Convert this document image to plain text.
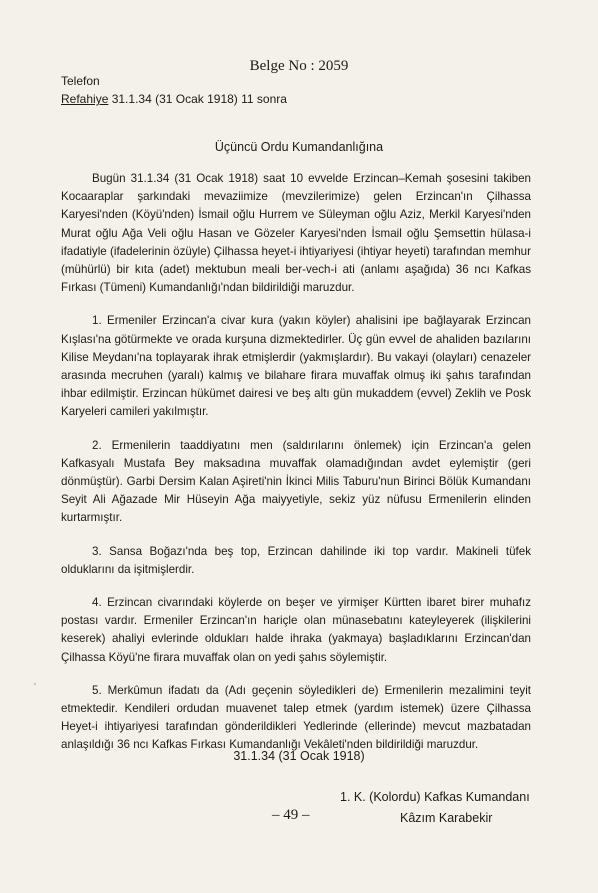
Belge No : 2059
Telefon
Refahiye 31.1.34 (31 Ocak 1918) 11 sonra
Üçüncü Ordu Kumandanlığına

Bugün 31.1.34 (31 Ocak 1918) saat 10 evvelde Erzincan–Kemah şosesini takiben Kocaaraplar şarkındaki mevaziimize (mevzilerimize) gelen Erzincan'ın Çilhassa Karyesi'nden (Köyü'nden) İsmail oğlu Hurrem ve Süleyman oğlu Aziz, Merkil Karyesi'nden Murat oğlu Ağa Veli oğlu Hasan ve Gözeler Karyesi'nden İsmail oğlu Şemsettin hülasa-i ifadatiyle (ifadelerinin özüyle) Çilhassa heyet-i ihtiyariyesi (ihtiyar heyeti) tarafından memhur (mühürlü) bir kıta (adet) mektubun meali ber-vech-i ati (anlamı aşağıda) 36 ncı Kafkas Fırkası (Tümeni) Kumandanlığı'ndan bildirildiği maruzdur.

1. Ermeniler Erzincan'a civar kura (yakın köyler) ahalisini ipe bağlayarak Erzincan Kışlası'na götürmekte ve orada kurşuna dizmektedirler. Üç gün evvel de ahaliden bazılarını Kilise Meydanı'na toplayarak ihrak etmişlerdir (yakmışlardır). Bu vakayi (olayları) cenazeler arasında mecruhen (yaralı) kalmış ve bilahare firara muvaffak olmuş iki şahıs tarafından ihbar edilmiştir. Erzincan hükümet dairesi ve beş altı gün mukaddem (evvel) Zeklih ve Posk Karyeleri camileri yakılmıştır.

2. Ermenilerin taaddiyatını men (saldırılarını önlemek) için Erzincan'a gelen Kafkasyalı Mustafa Bey maksadına muvaffak olamadığından avdet eylemiştir (geri dönmüştür). Garbi Dersim Kalan Aşireti'nin İkinci Milis Taburu'nun Birinci Bölük Kumandanı Seyit Ali Ağazade Mir Hüseyin Ağa maiyyetiyle, sekiz yüz nüfusu Ermenilerin elinden kurtarmıştır.

3. Sansa Boğazı'nda beş top, Erzincan dahilinde iki top vardır. Makineli tüfek olduklarını da işitmişlerdir.

4. Erzincan civarındaki köylerde on beşer ve yirmişer Kürtten ibaret birer muhafız postası vardır. Ermeniler Erzincan'ın hariçle olan münasebatını kateyleyerek (ilişkilerini keserek) ahaliyi evlerinde oldukları halde ihraka (yakmaya) başladıklarını Erzincan'dan Çilhassa Köyü'ne firara muvaffak olan on yedi şahıs söylemiştir.

5. Merkûmun ifadatı da (Adı geçenin söyledikleri de) Ermenilerin mezalimini teyit etmektedir. Kendileri ordudan muavenet talep etmek (yardım istemek) üzere Çilhassa Heyet-i ihtiyariyesi tarafından gönderildikleri Yedlerinde (ellerinde) mevcut mazbatadan anlaşıldığı 36 ncı Kafkas Fırkası Kumandanlığı Vekâleti'nden bildirildiği maruzdur.

'
31.1.34 (31 Ocak 1918)
1. K. (Kolordu) Kafkas Kumandanı
– 49 –	Kâzım Karabekir
